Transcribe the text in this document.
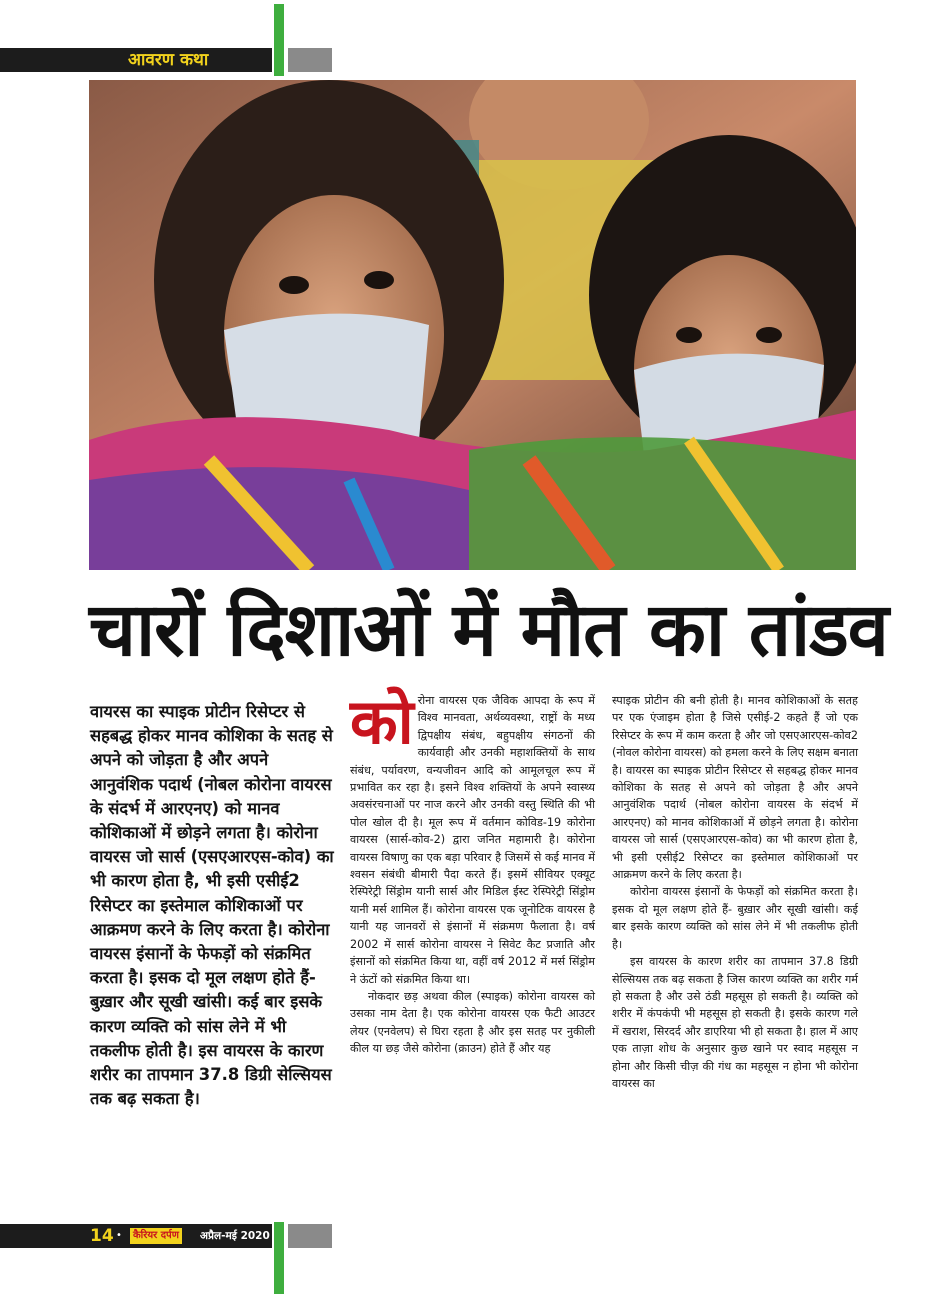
आवरण कथा
चारों दिशाओं में मौत का तांडव
वायरस का स्पाइक प्रोटीन रिसेप्टर से सहबद्ध होकर मानव कोशिका के सतह से अपने को जोड़ता है और अपने आनुवंशिक पदार्थ (नोबल कोरोना वायरस के संदर्भ में आरएनए) को मानव कोशिकाओं में छोड़ने लगता है। कोरोना वायरस जो सार्स (एसएआरएस-कोव) का भी कारण होता है, भी इसी एसीई2 रिसेप्टर का इस्तेमाल कोशिकाओं पर आक्रमण करने के लिए करता है। कोरोना वायरस इंसानों के फेफड़ों को संक्रमित करता है। इसक दो मूल लक्षण होते हैं- बुख़ार और सूखी खांसी। कई बार इसके कारण व्यक्ति को सांस लेने में भी तकलीफ होती है। इस वायरस के कारण शरीर का तापमान 37.8 डिग्री सेल्सियस तक बढ़ सकता है।
को रोना वायरस एक जैविक आपदा के रूप में विश्व मानवता, अर्थव्यवस्था, राष्ट्रों के मध्य द्विपक्षीय संबंध, बहुपक्षीय संगठनों की कार्यवाही और उनकी महाशक्तियों के साथ संबंध, पर्यावरण, वन्यजीवन आदि को आमूलचूल रूप में प्रभावित कर रहा है। इसने विश्व शक्तियों के अपने स्वास्थ्य अवसंरचनाओं पर नाज करने और उनकी वस्तु स्थिति की भी पोल खोल दी है। मूल रूप में वर्तमान कोविड-19 कोरोना वायरस (सार्स-कोव-2) द्वारा जनित महामारी है। कोरोना वायरस विषाणु का एक बड़ा परिवार है जिसमें से कई मानव में श्वसन संबंधी बीमारी पैदा करते हैं। इसमें सीवियर एक्यूट रेस्पिरेट्री सिंड्रोम यानी सार्स और मिडिल ईस्ट रेस्पिरेट्री सिंड्रोम यानी मर्स शामिल हैं। कोरोना वायरस एक जूनोटिक वायरस है यानी यह जानवरों से इंसानों में संक्रमण फैलाता है। वर्ष 2002 में सार्स कोरोना वायरस ने सिवेट कैट प्रजाति और इंसानों को संक्रमित किया था, वहीं वर्ष 2012 में मर्स सिंड्रोम ने ऊंटों को संक्रमित किया था।

नोकदार छड़ अथवा कील (स्पाइक) कोरोना वायरस को उसका नाम देता है। एक कोरोना वायरस एक फैटी आउटर लेयर (एनवेलप) से घिरा रहता है और इस सतह पर नुकीली कील या छड़ जैसे कोरोना (क्राउन) होते हैं और यह

स्पाइक प्रोटीन की बनी होती है। मानव कोशिकाओं के सतह पर एक एंजाइम होता है जिसे एसीई-2 कहते हैं जो एक रिसेप्टर के रूप में काम करता है और जो एसएआरएस-कोव2 (नोवल कोरोना वायरस) को हमला करने के लिए सक्षम बनाता है। वायरस का स्पाइक प्रोटीन रिसेप्टर से सहबद्ध होकर मानव कोशिका के सतह से अपने को जोड़ता है और अपने आनुवंशिक पदार्थ (नोबल कोरोना वायरस के संदर्भ में आरएनए) को मानव कोशिकाओं में छोड़ने लगता है। कोरोना वायरस जो सार्स (एसएआरएस-कोव) का भी कारण होता है, भी इसी एसीई2 रिसेप्टर का इस्तेमाल कोशिकाओं पर आक्रमण करने के लिए करता है।

कोरोना वायरस इंसानों के फेफड़ों को संक्रमित करता है। इसक दो मूल लक्षण होते हैं- बुख़ार और सूखी खांसी। कई बार इसके कारण व्यक्ति को सांस लेने में भी तकलीफ होती है।

इस वायरस के कारण शरीर का तापमान 37.8 डिग्री सेल्सियस तक बढ़ सकता है जिस कारण व्यक्ति का शरीर गर्म हो सकता है और उसे ठंडी महसूस हो सकती है। व्यक्ति को शरीर में कंपकंपी भी महसूस हो सकती है। इसके कारण गले में खराश, सिरदर्द और डाएरिया भी हो सकता है। हाल में आए एक ताज़ा शोध के अनुसार कुछ खाने पर स्वाद महसूस न होना और किसी चीज़ की गंध का महसूस न होना भी कोरोना वायरस का

14 •	कैरियर दर्पण अप्रैल-मई 2020
